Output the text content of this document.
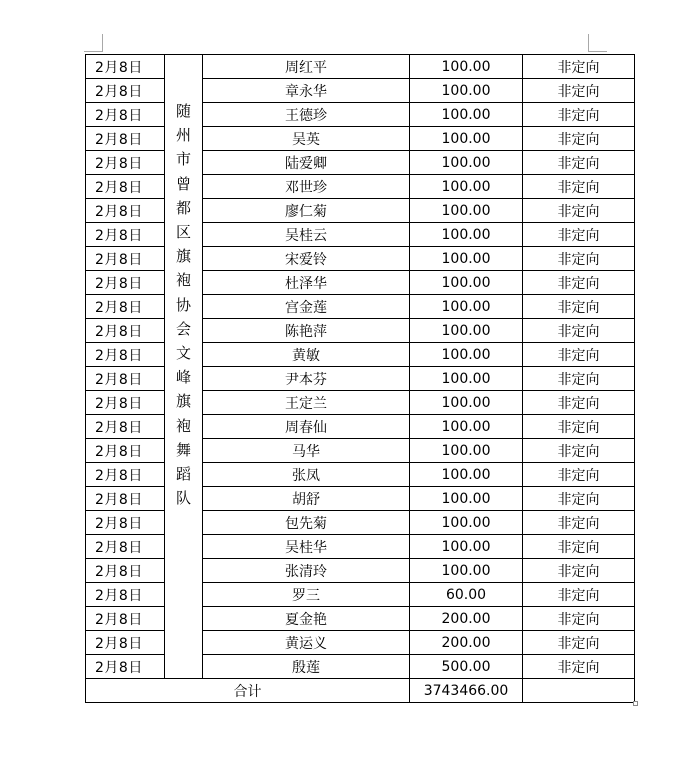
2月8日	随州市曾都区旗袍协会文峰旗袍舞蹈队	周红平	100.00	非定向
2月8日		章永华	100.00	非定向
2月8日		王德珍	100.00	非定向
2月8日		吴英	100.00	非定向
2月8日		陆爱卿	100.00	非定向
2月8日		邓世珍	100.00	非定向
2月8日		廖仁菊	100.00	非定向
2月8日		吴桂云	100.00	非定向
2月8日		宋爱铃	100.00	非定向
2月8日		杜泽华	100.00	非定向
2月8日		宫金莲	100.00	非定向
2月8日		陈艳萍	100.00	非定向
2月8日		黄敏	100.00	非定向
2月8日		尹本芬	100.00	非定向
2月8日		王定兰	100.00	非定向
2月8日		周春仙	100.00	非定向
2月8日		马华	100.00	非定向
2月8日		张凤	100.00	非定向
2月8日		胡舒	100.00	非定向
2月8日		包先菊	100.00	非定向
2月8日		吴桂华	100.00	非定向
2月8日		张清玲	100.00	非定向
2月8日		罗三	60.00	非定向
2月8日		夏金艳	200.00	非定向
2月8日		黄运义	200.00	非定向
2月8日		殷莲	500.00	非定向
合计			3743466.00	
